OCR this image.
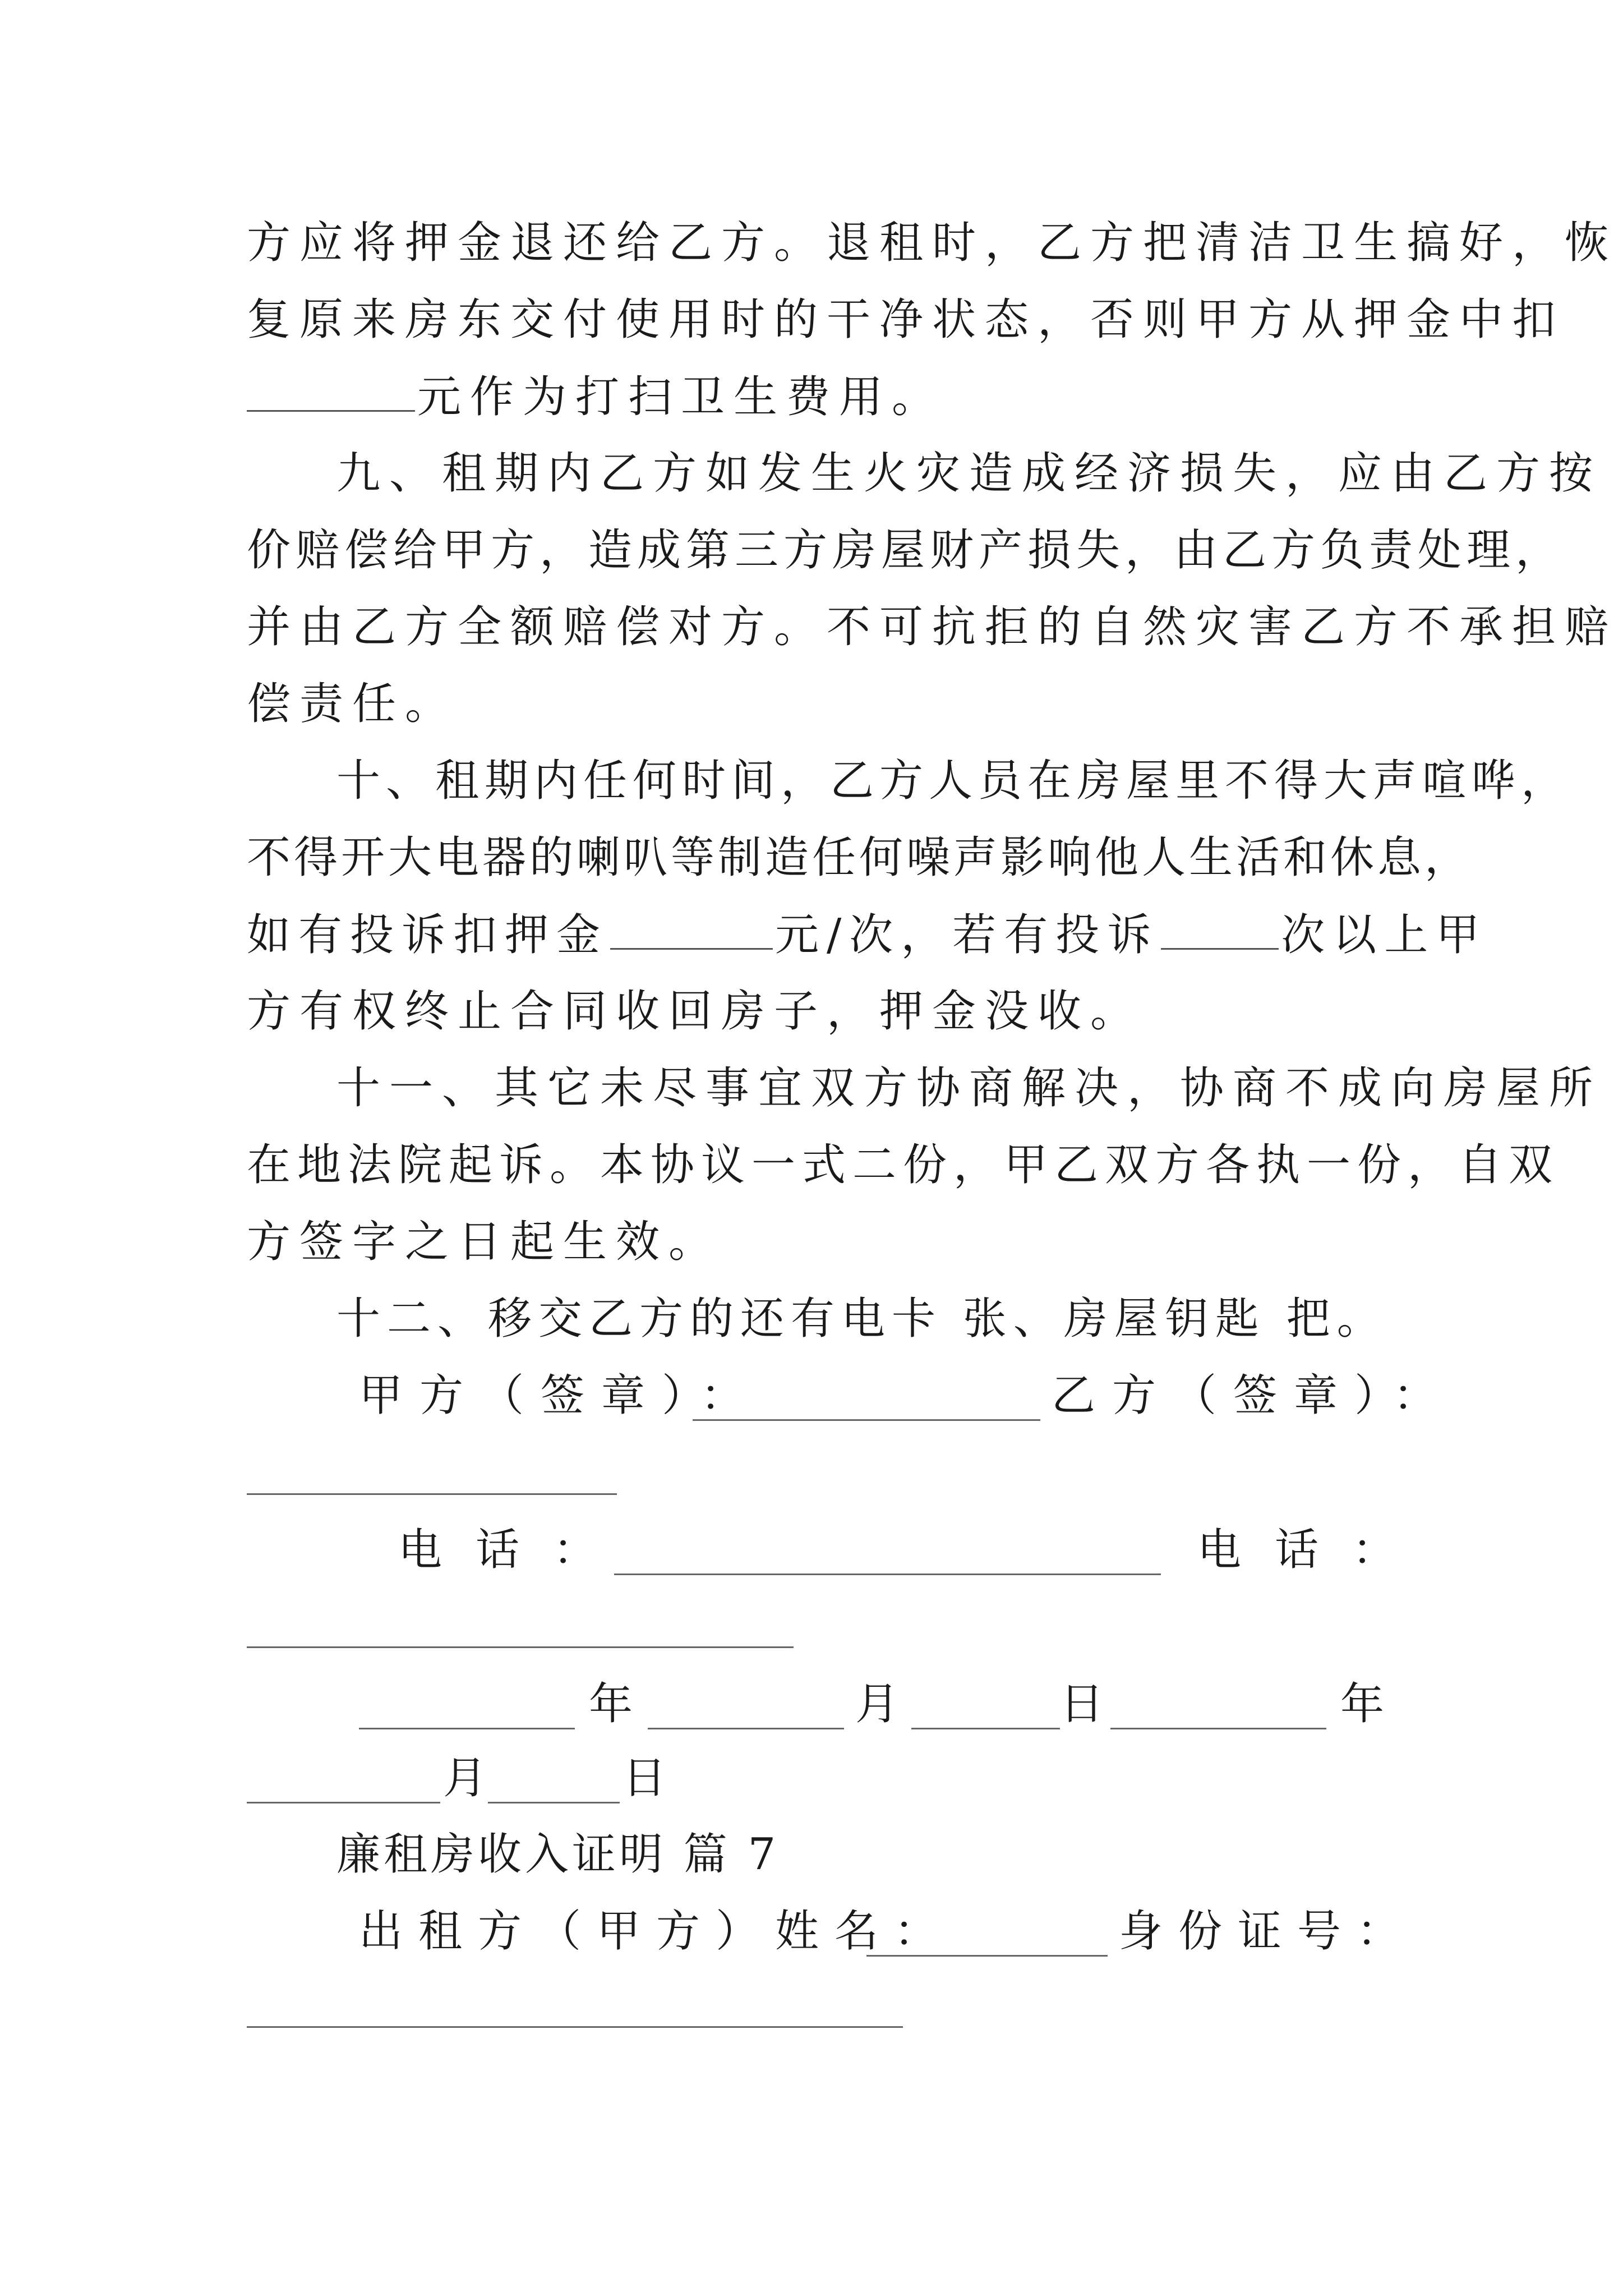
方应将押金退还给乙方。退租时，乙方把清洁卫生搞好，恢
复原来房东交付使用时的干净状态，否则甲方从押金中扣
元作为打扫卫生费用。
九、租期内乙方如发生火灾造成经济损失，应由乙方按
价赔偿给甲方，造成第三方房屋财产损失，由乙方负责处理，
并由乙方全额赔偿对方。不可抗拒的自然灾害乙方不承担赔
偿责任。
十、租期内任何时间，乙方人员在房屋里不得大声喧哗，
不得开大电器的喇叭等制造任何噪声影响他人生活和休息，
如有投诉扣押金	元/次，若有投诉	次以上甲
方有权终止合同收回房子，押金没收。
十一、其它未尽事宜双方协商解决，协商不成向房屋所
在地法院起诉。本协议一式二份，甲乙双方各执一份，自双
方签字之日起生效。
十二、移交乙方的还有电卡 张、房屋钥匙 把。
甲方（签章）：	乙方（签章）：
电话：	电话：
年	月	日	年
月	日
廉租房收入证明 篇 7
出租方（甲方）姓名：	身份证号：
